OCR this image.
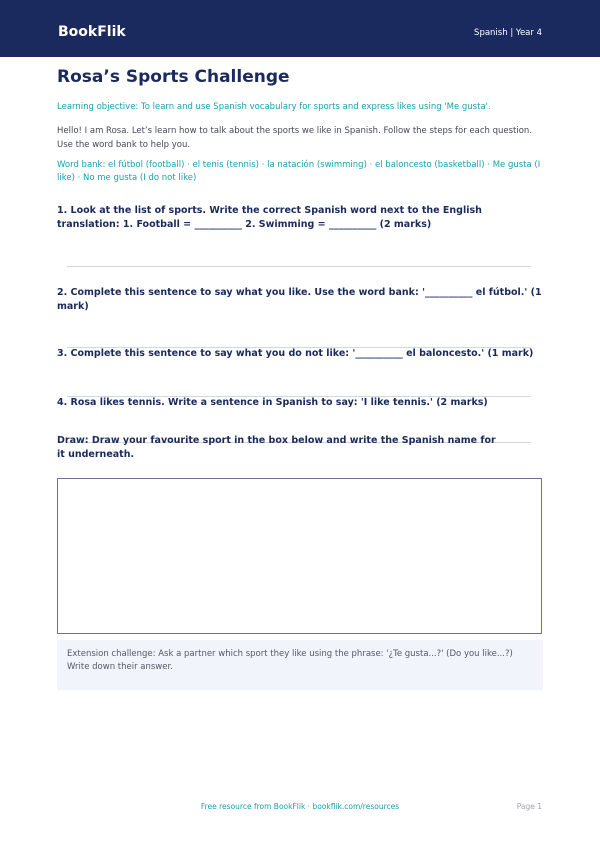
BookFlik	Spanish | Year 4
Rosa’s Sports Challenge
Learning objective: To learn and use Spanish vocabulary for sports and express likes using 'Me gusta'.
Hello! I am Rosa. Let’s learn how to talk about the sports we like in Spanish. Follow the steps for each question. Use the word bank to help you.
Word bank: el fútbol (football) · el tenis (tennis) · la natación (swimming) · el baloncesto (basketball) · Me gusta (I like) · No me gusta (I do not like)
1. Look at the list of sports. Write the correct Spanish word next to the English translation: 1. Football = __________ 2. Swimming = __________ (2 marks)
2. Complete this sentence to say what you like. Use the word bank: '__________ el fútbol.' (1 mark)
3. Complete this sentence to say what you do not like: '__________ el baloncesto.' (1 mark)
4. Rosa likes tennis. Write a sentence in Spanish to say: 'I like tennis.' (2 marks)
Draw: Draw your favourite sport in the box below and write the Spanish name for it underneath.
Extension challenge: Ask a partner which sport they like using the phrase: '¿Te gusta...?' (Do you like...?) Write down their answer.
Free resource from BookFlik · bookflik.com/resources	Page 1
